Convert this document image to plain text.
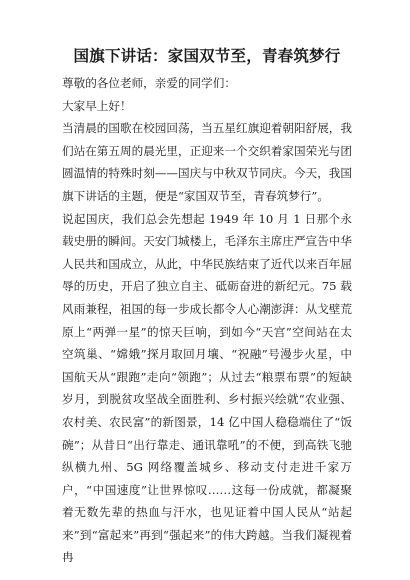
国旗下讲话：家国双节至，青春筑梦行

尊敬的各位老师，亲爱的同学们：

大家早上好！

当清晨的国歌在校园回荡，当五星红旗迎着朝阳舒展，我们站在第五周的晨光里，正迎来一个交织着家国荣光与团圆温情的特殊时刻——国庆与中秋双节同庆。今天，我国旗下讲话的主题，便是“家国双节至，青春筑梦行”。

说起国庆，我们总会先想起 1949 年 10 月 1 日那个永载史册的瞬间。天安门城楼上，毛泽东主席庄严宣告中华人民共和国成立，从此，中华民族结束了近代以来百年屈辱的历史，开启了独立自主、砥砺奋进的新纪元。75 载风雨兼程，祖国的每一步成长都令人心潮澎湃：从戈壁荒原上“两弹一星”的惊天巨响，到如今“天宫”空间站在太空筑巢、“嫦娥”探月取回月壤、“祝融”号漫步火星，中国航天从“跟跑”走向“领跑”；从过去“粮票布票”的短缺岁月，到脱贫攻坚战全面胜利、乡村振兴绘就“农业强、农村美、农民富”的新图景，14 亿中国人稳稳端住了“饭碗”；从昔日“出行靠走、通讯靠吼”的不便，到高铁飞驰纵横九州、5G 网络覆盖城乡、移动支付走进千家万户，“中国速度”让世界惊叹……这每一份成就，都凝聚着无数先辈的热血与汗水，也见证着中国人民从“站起来”到“富起来”再到“强起来”的伟大跨越。当我们凝视着冉
